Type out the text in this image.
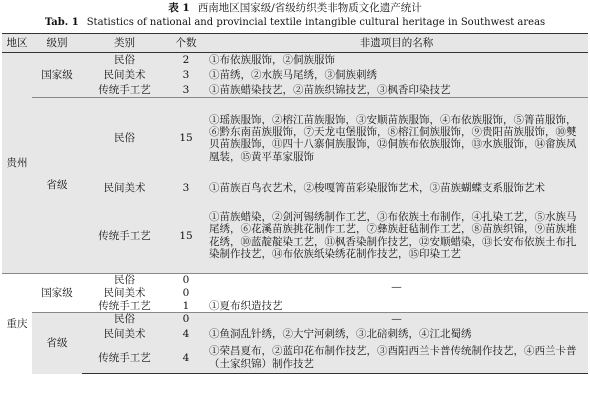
表 1 西南地区国家级/省级纺织类非物质文化遗产统计
Tab. 1 Statistics of national and provincial textile intangible cultural heritage in Southwest areas
地区	级别	类别	个数	非遗项目的名称
贵州	国家级	民俗	2	①布依族服饰，②侗族服饰
		民间美术	3	①苗绣，②水族马尾绣，③侗族刺绣
		传统手工艺	3	①苗族蜡染技艺，②苗族织锦技艺，③枫香印染技艺
	省级	民俗	15	①瑶族服饰，②榕江苗族服饰，③安顺苗族服饰，④布依族服饰，⑤箐苗服饰，⑥黔东南苗族服饰，⑦天龙屯堡服饰，⑧榕江侗族服饰，⑨贵阳苗族服饰，⑩僰贝苗族服饰，⑪四十八寨侗族服饰，⑫侗族布依族服饰，⑬水族服饰，⑭畲族凤凰装，⑮黄平革家服饰
		民间美术	3	①苗族百鸟衣艺术，②梭嘎箐苗彩染服饰艺术，③苗族蝴蝶支系服饰艺术
		传统手工艺	15	①苗族蜡染，②剑河锡绣制作工艺，③布依族土布制作，④扎染工艺，⑤水族马尾绣，⑥花溪苗族挑花制作工艺，⑦彝族赶毡制作工艺，⑧苗族织锦，⑨苗族堆花绣，⑩蓝靛靛染工艺，⑪枫香染制作技艺，⑫安顺蜡染，⑬长安布依族土布扎染制作技艺，⑭布依族纸染绣花制作技艺，⑮印染工艺
重庆	国家级	民俗	0	—
		民间美术	0	
		传统手工艺	1	①夏布织造技艺
	省级	民俗	0	—
		民间美术	4	①鱼洞乱针绣，②大宁河刺绣，③北碚刺绣，④江北蜀绣
		传统手工艺	4	①荣昌夏布，②蓝印花布制作技艺，③酉阳西兰卡普传统制作技艺，④西兰卡普（土家织锦）制作技艺
